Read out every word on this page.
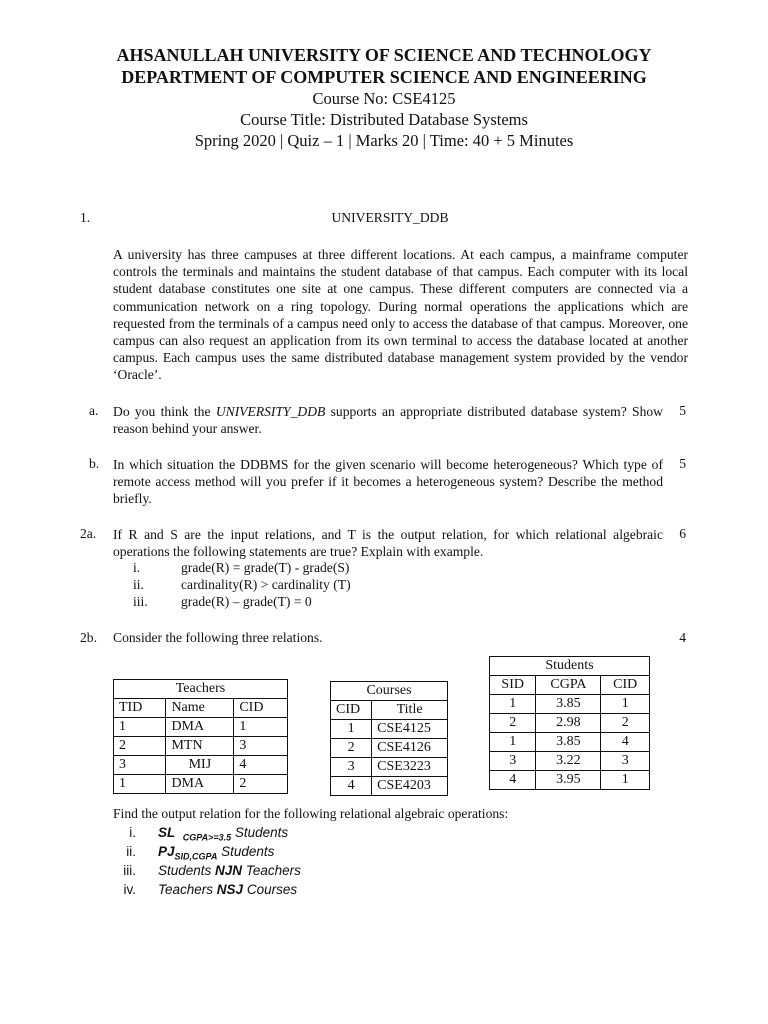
AHSANULLAH UNIVERSITY OF SCIENCE AND TECHNOLOGY
DEPARTMENT OF COMPUTER SCIENCE AND ENGINEERING
Course No: CSE4125
Course Title: Distributed Database Systems
Spring 2020 | Quiz – 1 | Marks 20 | Time: 40 + 5 Minutes
1.	UNIVERSITY_DDB
A university has three campuses at three different locations. At each campus, a mainframe computer controls the terminals and maintains the student database of that campus. Each computer with its local student database constitutes one site at one campus. These different computers are connected via a communication network on a ring topology. During normal operations the applications which are requested from the terminals of a campus need only to access the database of that campus. Moreover, one campus can also request an application from its own terminal to access the database located at another campus. Each campus uses the same distributed database management system provided by the vendor ‘Oracle’.
a. Do you think the UNIVERSITY_DDB supports an appropriate distributed database system? Show reason behind your answer.
5
b. In which situation the DDBMS for the given scenario will become heterogeneous? Which type of remote access method will you prefer if it becomes a heterogeneous system? Describe the method briefly.
5
2a. If R and S are the input relations, and T is the output relation, for which relational algebraic operations the following statements are true? Explain with example.
6
i.	grade(R) = grade(T) - grade(S)
ii.	cardinality(R) > cardinality (T)
iii. grade(R) – grade(T) = 0
2b. Consider the following three relations.	4
Teachers		
TID	Name	CID
1	DMA	1
2	MTN	3
3	MIJ	4
1	DMA	2
Courses	
CID	Title
1	CSE4125
2	CSE4126
3	CSE3223
4	CSE4203
Students		
SID	CGPA	CID
1	3.85	1
2	2.98	2
1	3.85	4
3	3.22	3
4	3.95	1
Find the output relation for the following relational algebraic operations:
i. SL $_{CGPA>=3.5}$ Students
ii. $PJ_{SID,CGPA}$ Students
iii. Students NJN Teachers
iv. Teachers NSJ Courses
